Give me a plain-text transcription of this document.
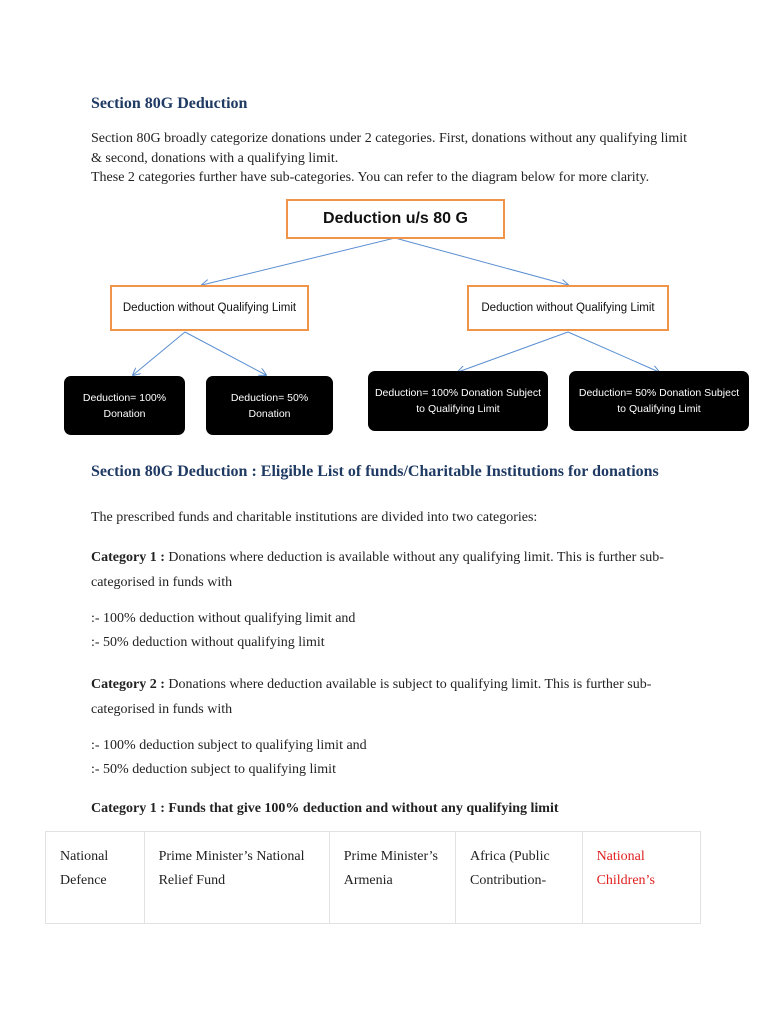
Section 80G Deduction

Section 80G broadly categorize donations under 2 categories. First, donations without any qualifying limit & second, donations with a qualifying limit.

These 2 categories further have sub-categories. You can refer to the diagram below for more clarity.

Deduction u/s 80 G
Deduction without Qualifying Limit	Deduction without Qualifying Limit
Deduction= 100% Donation
Deduction= 50% Donation
Deduction= 100% Donation Subject to Qualifying Limit
Deduction= 50% Donation Subject to Qualifying Limit
Section 80G Deduction : Eligible List of funds/Charitable Institutions for donations

The prescribed funds and charitable institutions are divided into two categories:

Category 1 : Donations where deduction is available without any qualifying limit. This is further sub-categorised in funds with

:- 100% deduction without qualifying limit and

:- 50% deduction without qualifying limit

Category 2 : Donations where deduction available is subject to qualifying limit. This is further sub-categorised in funds with

:- 100% deduction subject to qualifying limit and

:- 50% deduction subject to qualifying limit

Category 1 : Funds that give 100% deduction and without any qualifying limit

National Defence	Prime Minister’s National Relief Fund	Prime Minister’s Armenia	Africa (Public Contribution-	National Children’s
